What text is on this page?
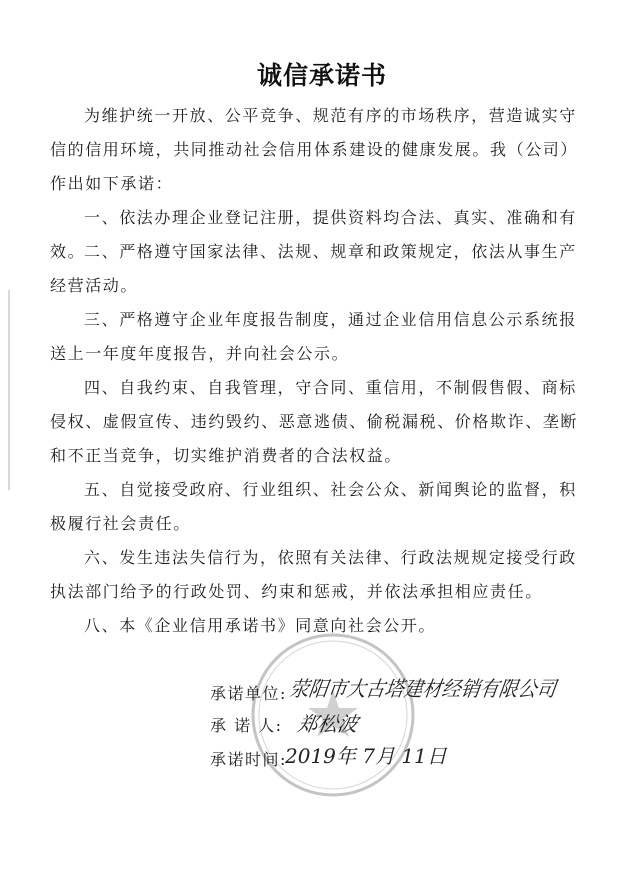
诚信承诺书

为维护统一开放、公平竞争、规范有序的市场秩序，营造诚实守信的信用环境，共同推动社会信用体系建设的健康发展。我（公司）作出如下承诺：

一、依法办理企业登记注册，提供资料均合法、真实、准确和有效。

二、严格遵守国家法律、法规、规章和政策规定，依法从事生产经营活动。

三、严格遵守企业年度报告制度，通过企业信用信息公示系统报送上一年度年度报告，并向社会公示。

四、自我约束、自我管理，守合同、重信用，不制假售假、商标侵权、虚假宣传、违约毁约、恶意逃债、偷税漏税、价格欺诈、垄断和不正当竞争，切实维护消费者的合法权益。

五、自觉接受政府、行业组织、社会公众、新闻舆论的监督，积极履行社会责任。

六、发生违法失信行为，依照有关法律、行政法规规定接受行政执法部门给予的行政处罚、约束和惩戒，并依法承担相应责任。

八、本《企业信用承诺书》同意向社会公开。

承诺单位: 荥阳市大古塔建材经销有限公司
承 诺 人: 郑松波
承诺时间:
2019年 7月 11日
